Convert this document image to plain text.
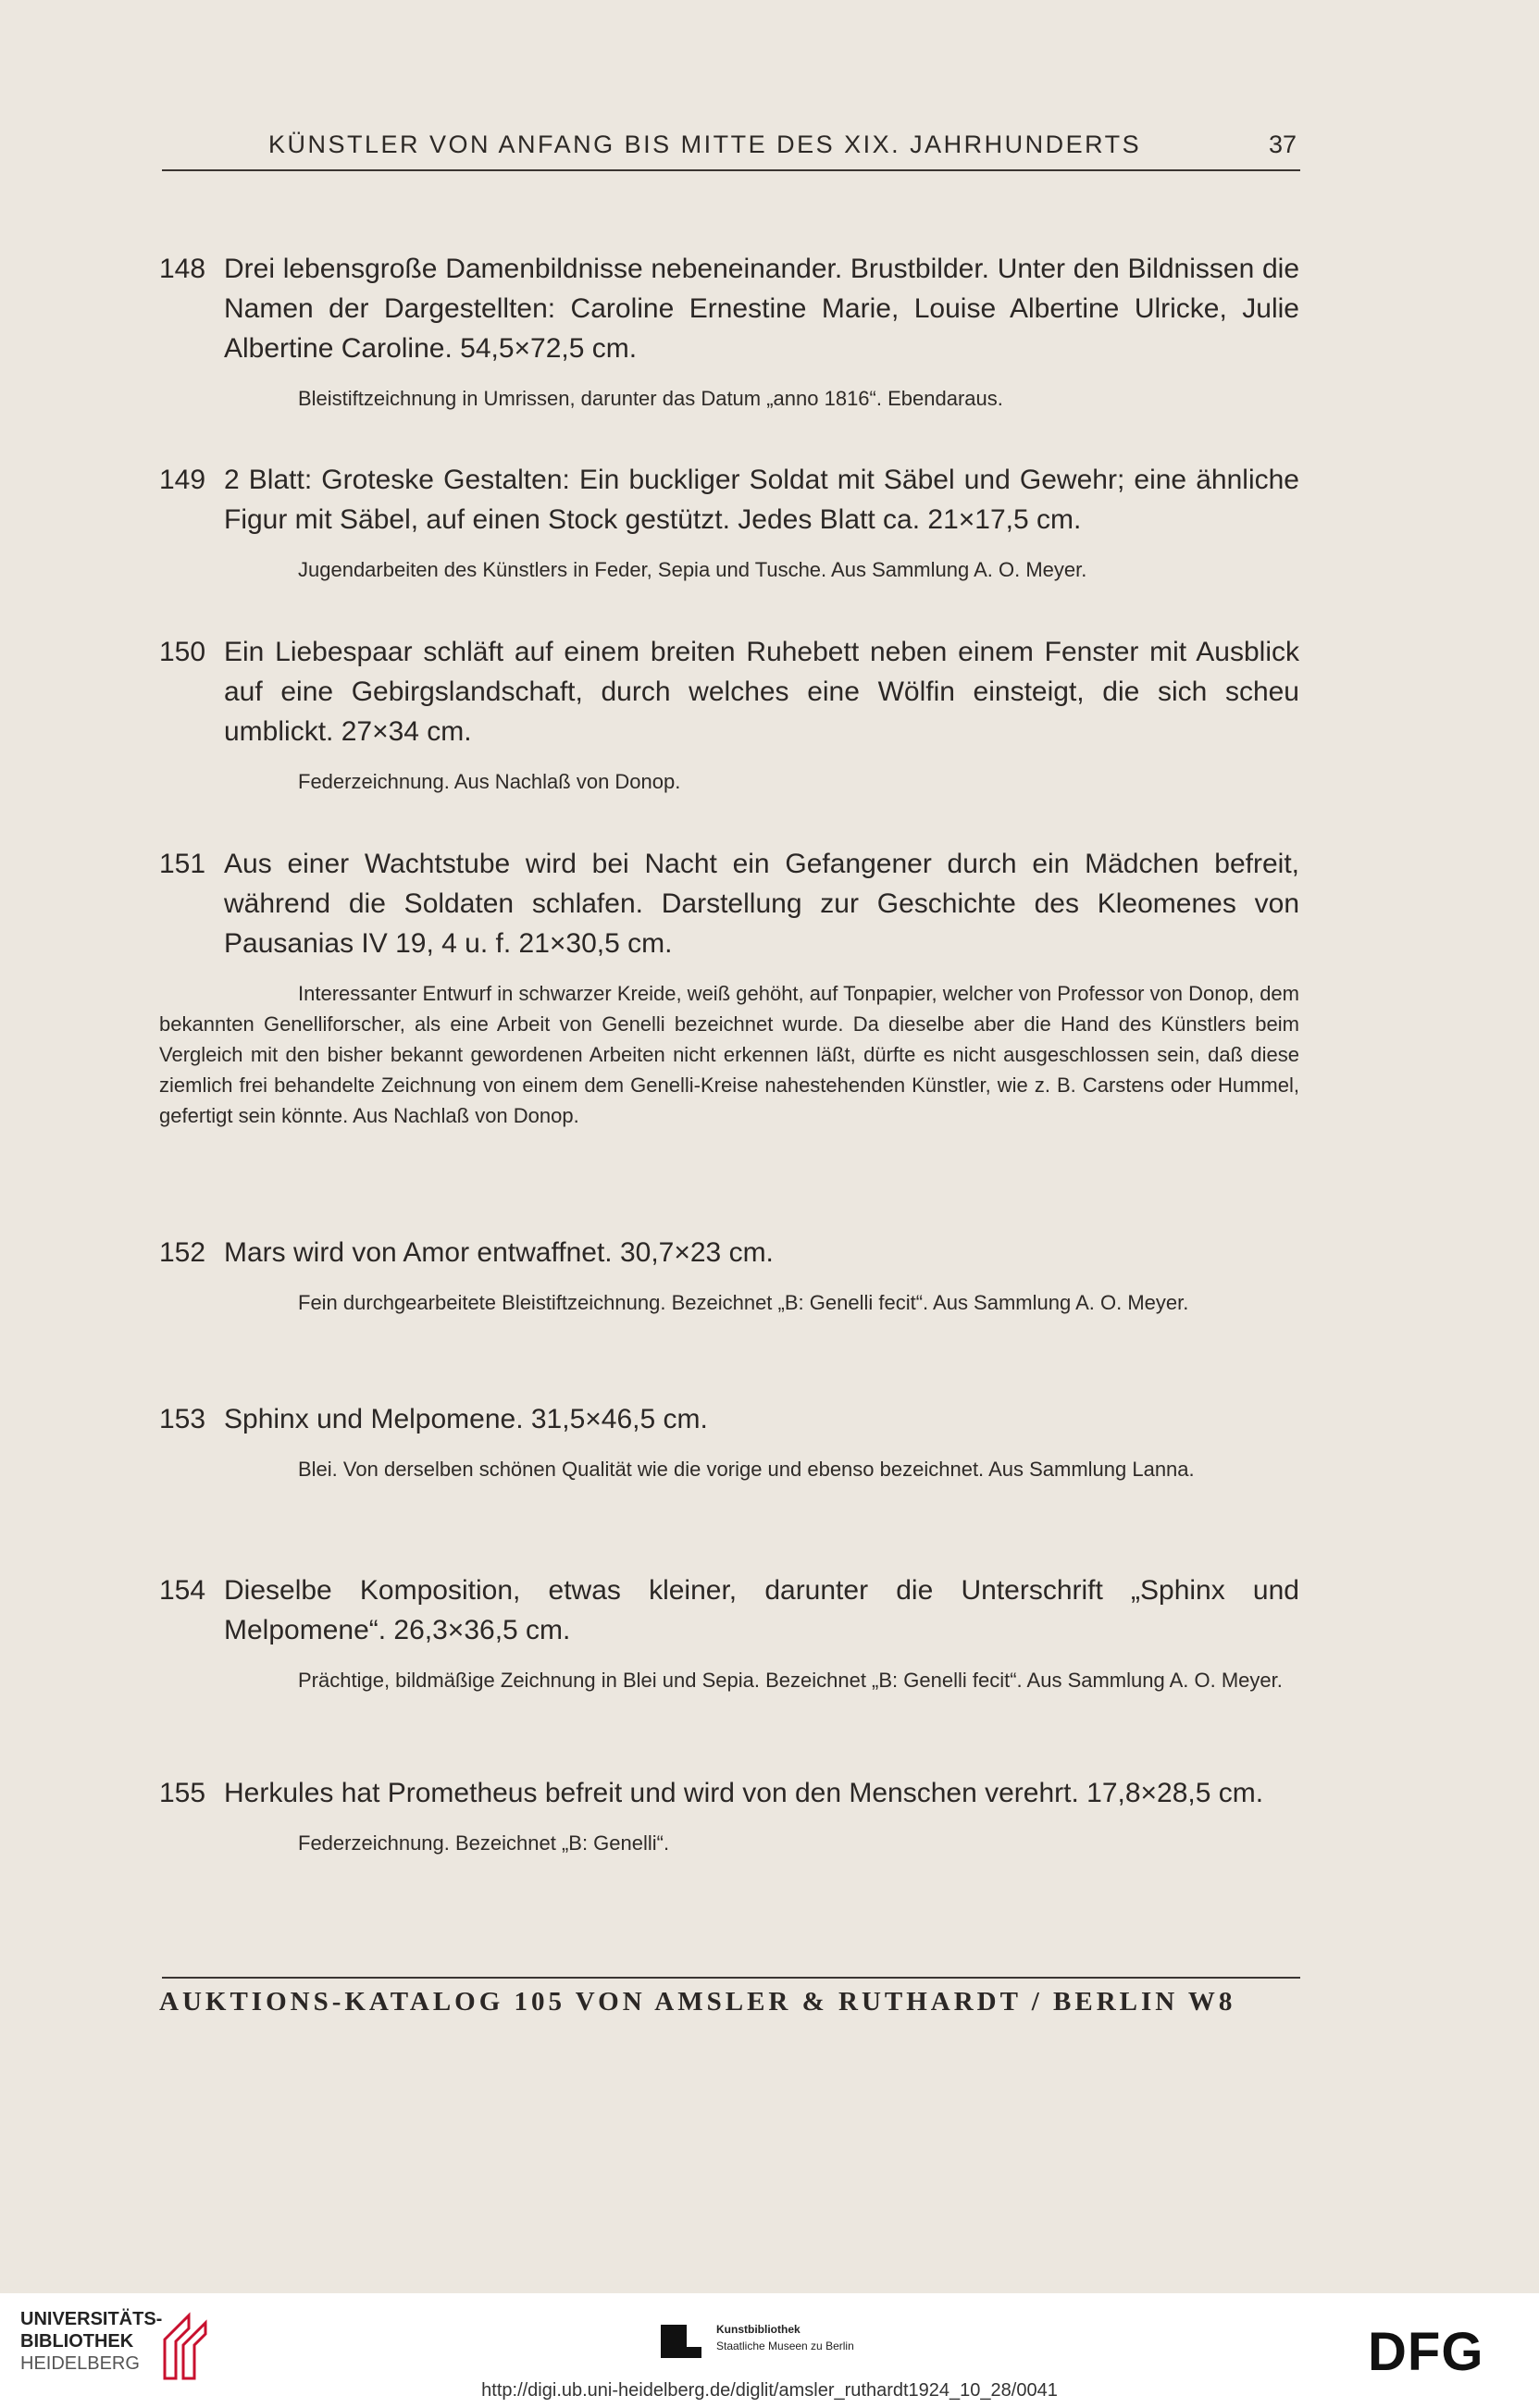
KÜNSTLER VON ANFANG BIS MITTE DES XIX. JAHRHUNDERTS	37
148 Drei lebensgroße Damenbildnisse nebeneinander. Brustbilder. Unter den Bildnissen die Namen der Dargestellten: Caroline Ernestine Marie, Louise Albertine Ulricke, Julie Albertine Caroline. 54,5×72,5 cm.
Bleistiftzeichnung in Umrissen, darunter das Datum „anno 1816“. Ebendaraus.
149 2 Blatt: Groteske Gestalten: Ein buckliger Soldat mit Säbel und Gewehr; eine ähnliche Figur mit Säbel, auf einen Stock gestützt. Jedes Blatt ca. 21×17,5 cm.
Jugendarbeiten des Künstlers in Feder, Sepia und Tusche. Aus Sammlung A. O. Meyer.
150 Ein Liebespaar schläft auf einem breiten Ruhebett neben einem Fenster mit Ausblick auf eine Gebirgslandschaft, durch welches eine Wölfin einsteigt, die sich scheu umblickt. 27×34 cm.
Federzeichnung. Aus Nachlaß von Donop.
151 Aus einer Wachtstube wird bei Nacht ein Gefangener durch ein Mädchen befreit, während die Soldaten schlafen. Darstellung zur Geschichte des Kleomenes von Pausanias IV 19, 4 u. f. 21×30,5 cm.
Interessanter Entwurf in schwarzer Kreide, weiß gehöht, auf Tonpapier, welcher von Professor von Donop, dem bekannten Genelliforscher, als eine Arbeit von Genelli bezeichnet wurde. Da dieselbe aber die Hand des Künstlers beim Vergleich mit den bisher bekannt gewordenen Arbeiten nicht erkennen läßt, dürfte es nicht ausgeschlossen sein, daß diese ziemlich frei behandelte Zeichnung von einem dem Genelli-Kreise nahestehenden Künstler, wie z. B. Carstens oder Hummel, gefertigt sein könnte. Aus Nachlaß von Donop.
152 Mars wird von Amor entwaffnet. 30,7×23 cm.
Fein durchgearbeitete Bleistiftzeichnung. Bezeichnet „B: Genelli fecit“. Aus Sammlung A. O. Meyer.
153 Sphinx und Melpomene. 31,5×46,5 cm.
Blei. Von derselben schönen Qualität wie die vorige und ebenso bezeichnet. Aus Sammlung Lanna.
154 Dieselbe Komposition, etwas kleiner, darunter die Unterschrift „Sphinx und Melpomene“. 26,3×36,5 cm.
Prächtige, bildmäßige Zeichnung in Blei und Sepia. Bezeichnet „B: Genelli fecit“. Aus Sammlung A. O. Meyer.
155 Herkules hat Prometheus befreit und wird von den Menschen verehrt. 17,8×28,5 cm.
Federzeichnung. Bezeichnet „B: Genelli“.
AUKTIONS-KATALOG 105 VON AMSLER & RUTHARDT / BERLIN W8
UNIVERSITÄTS-
BIBLIOTHEK
HEIDELBERG
Kunstbibliothek
Staatliche Museen zu Berlin	DFG
http://digi.ub.uni-heidelberg.de/diglit/amsler_ruthardt1924_10_28/0041
